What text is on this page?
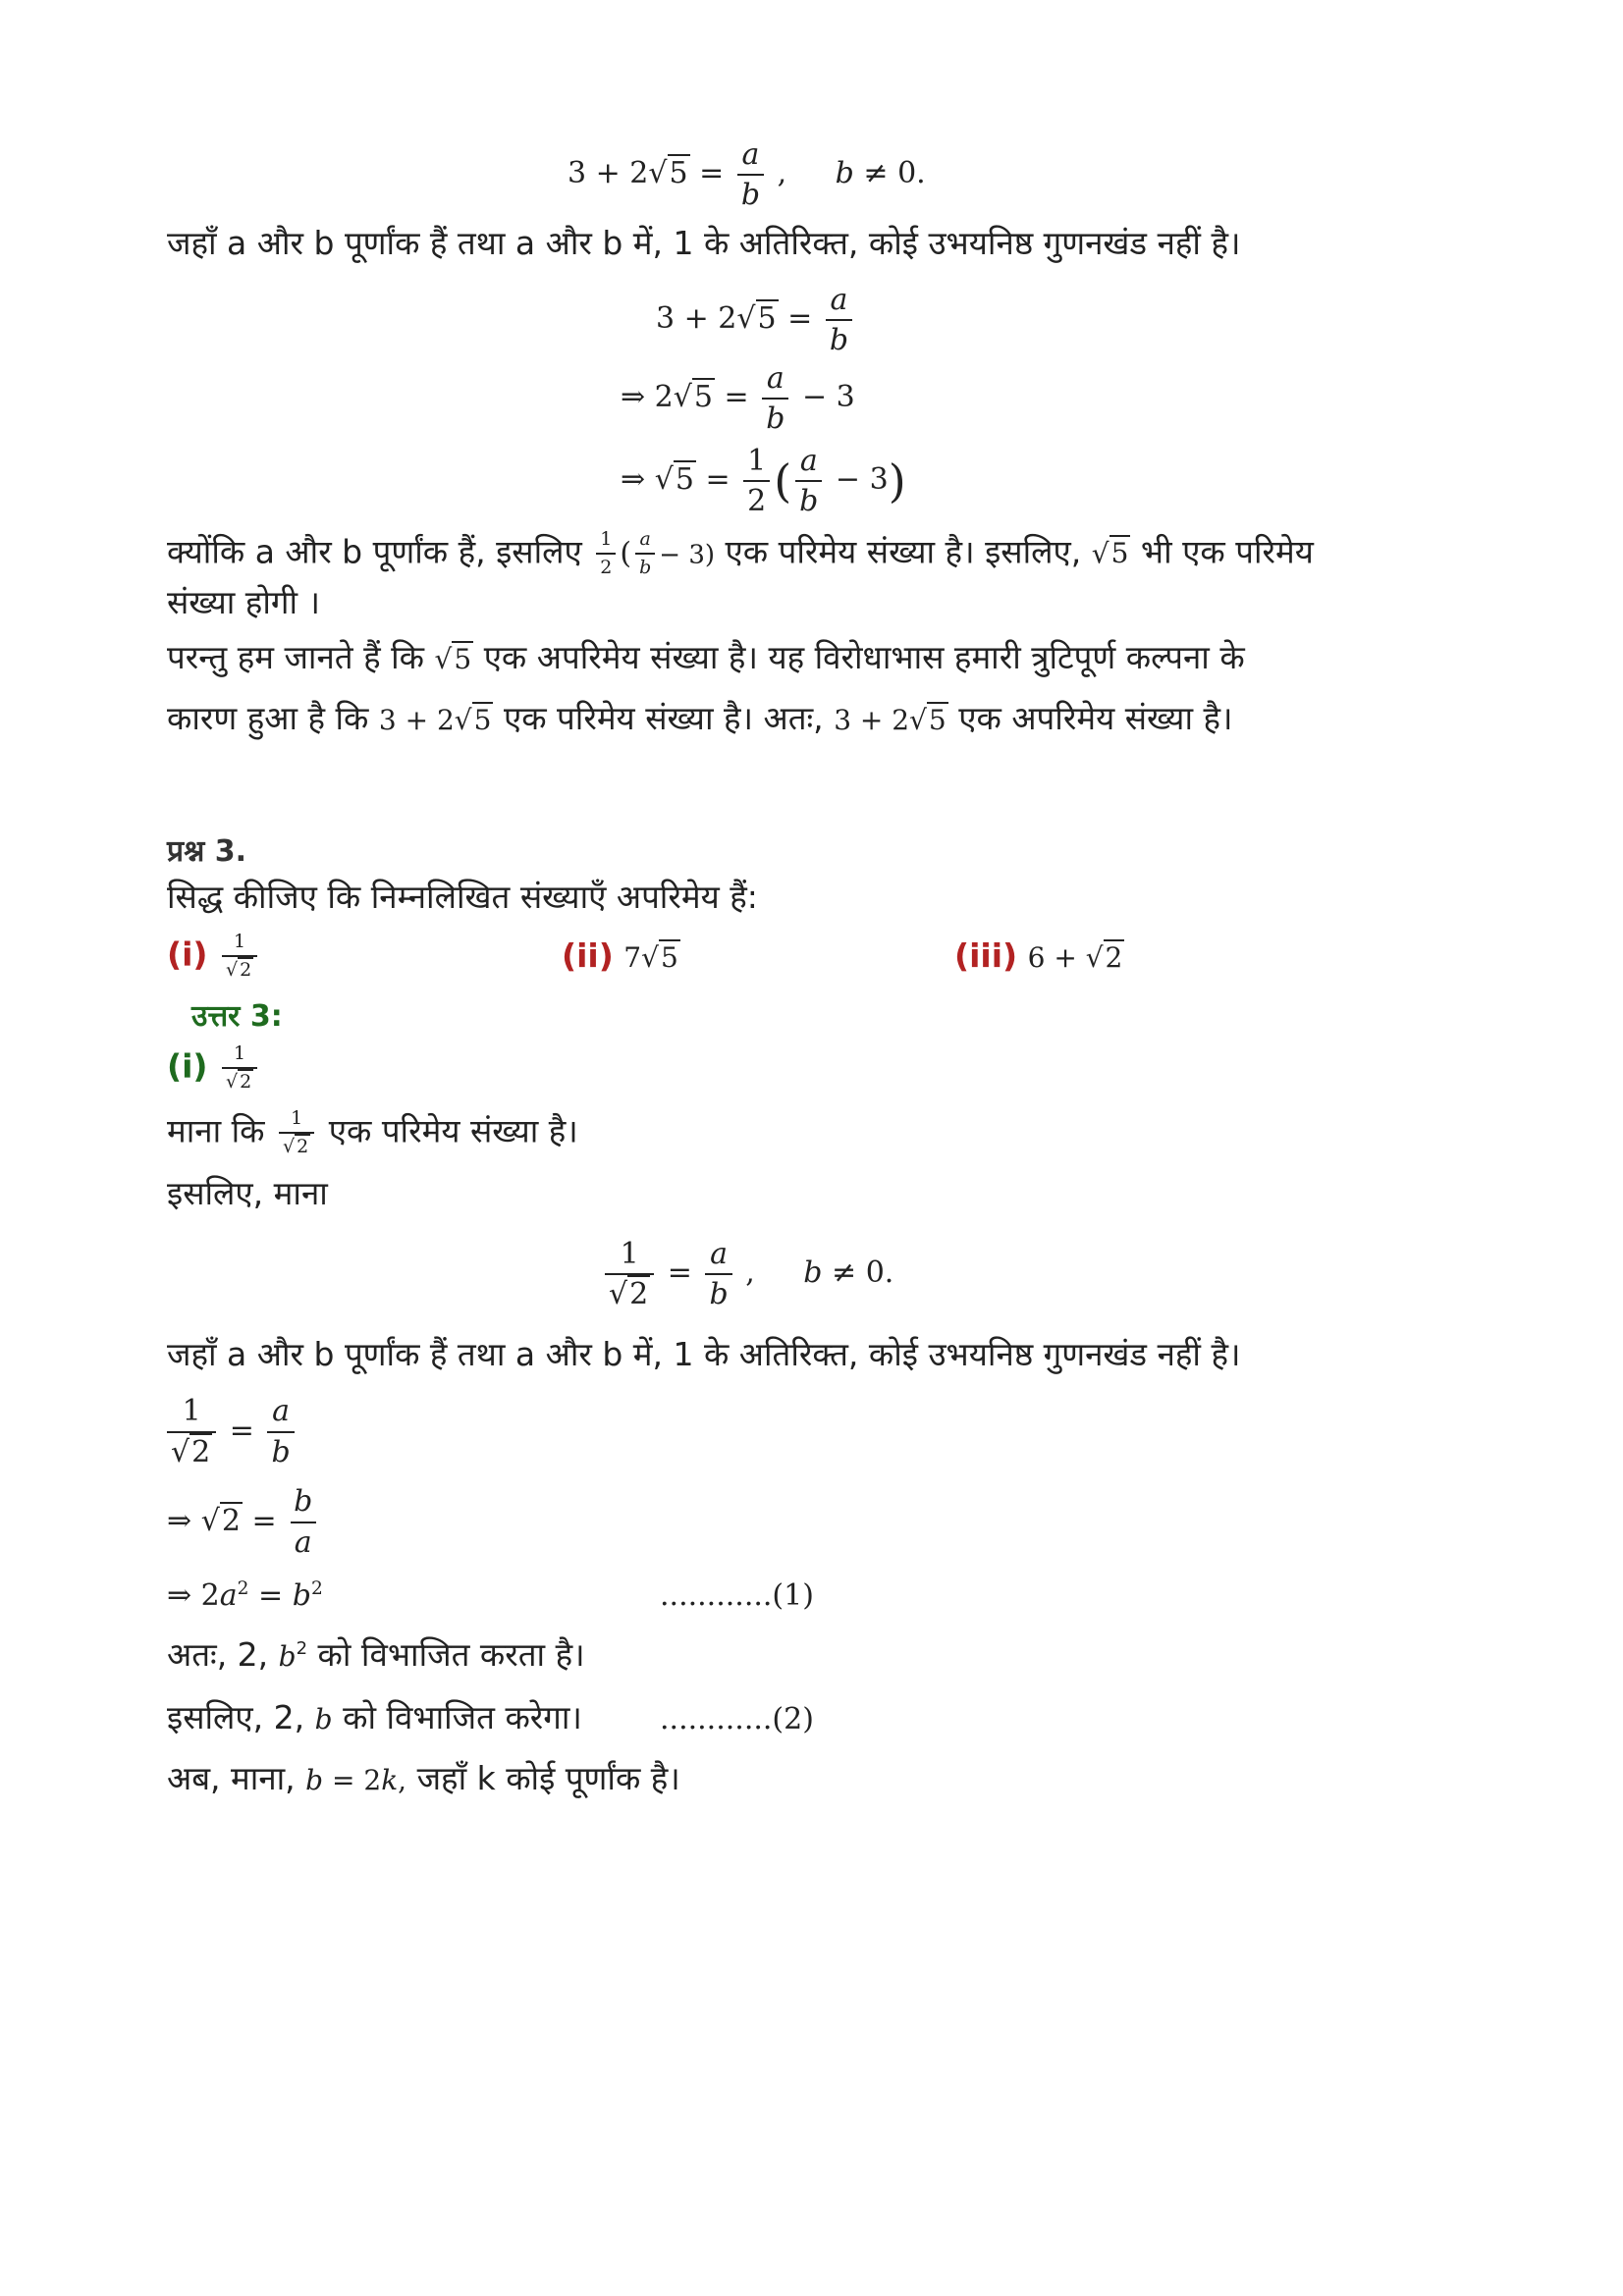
$3 + 2√5 = \frac{a}{b}$ , b ≠ 0.
जहाँ a और b पूर्णांक हैं तथा a और b में, 1 के अतिरिक्त, कोई उभयनिष्ठ गुणनखंड नहीं है।
$3 + 2√5 = \frac{a}{b}$
⇒ $2√5 = \frac{a}{b} - 3$
⇒ $√5 = \frac{1}{2}$ ( $\frac{a}{b} - 3$)
क्योंकि a और b पूर्णांक हैं, इसलिए $\frac{1}{2}$ ( $\frac{a}{b} - 3$) एक परिमेय संख्या है। इसलिए, √5 भी एक परिमेय
संख्या होगी ।
परन्तु हम जानते हैं कि √5 एक अपरिमेय संख्या है। यह विरोधाभास हमारी त्रुटिपूर्ण कल्पना के
कारण हुआ है कि 3 + 2√5 एक परिमेय संख्या है। अतः, 3 + 2√5 एक अपरिमेय संख्या है।
प्रश्न 3.
सिद्ध कीजिए कि निम्नलिखित संख्याएँ अपरिमेय हैं:
$(i) \frac{1}{√ 2}$	(ii) 7√5	(iii) 6 + √2
उत्तर 3:
$(i) \frac{1}{√ 2}$
माना कि $\frac{1}{√ 2}$ एक परिमेय संख्या है।
इसलिए, माना
$\frac{1}{√2} = \frac{a}{b}$ , b ≠ 0.
जहाँ a और b पूर्णांक हैं तथा a और b में, 1 के अतिरिक्त, कोई उभयनिष्ठ गुणनखंड नहीं है।
$\frac{1}{√2} = \frac{a}{b}$
⇒ $√2 = \frac{b}{a}$
⇒ $2a^2 = b^2$	............(1)
अतः, 2, $b^2$ को विभाजित करता है।
इसलिए, 2, b को विभाजित करेगा।	............(2)
अब, माना, b = 2k, जहाँ k कोई पूर्णांक है।
